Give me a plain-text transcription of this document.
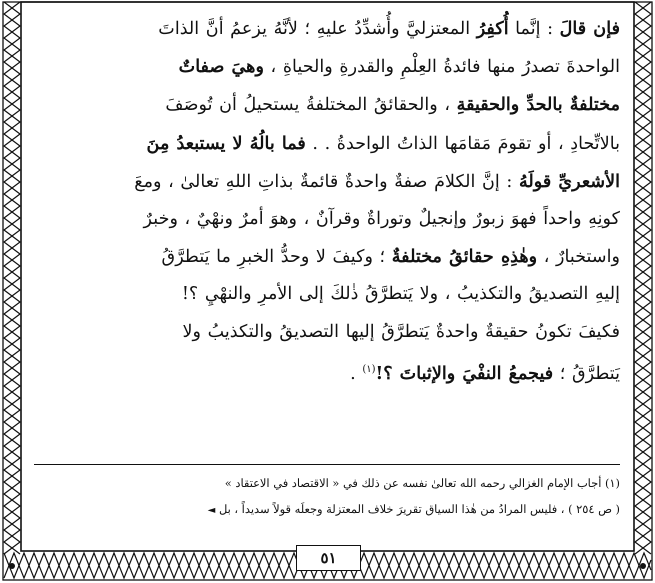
فإن قالَ : إنَّما أُكفِرُ المعتزليَّ وأُشدِّدُ عليهِ ؛ لأنَّهُ يزعمُ أنَّ الذاتَ

الواحدةَ تصدرُ منها فائدةُ العِلْمِ والقدرةِ والحياةِ ، وهيَ صفاتٌ

مختلفةٌ بالحدِّ والحقيقةِ ، والحقائقُ المختلفةُ يستحيلُ أن تُوصَفَ

بالاتِّحادِ ، أو تقومَ مَقامَها الذاتُ الواحدةُ . . فما بالُهُ لا يستبعدُ مِنَ

الأشعريِّ قولَهُ : إنَّ الكلامَ صفةٌ واحدةٌ قائمةٌ بذاتِ اللهِ تعالىٰ ، ومعَ

كونِهِ واحداً فهوَ زبورٌ وإنجيلٌ وتوراةٌ وقرآنٌ ، وهوَ أمرٌ ونهْيٌ ، وخبرٌ

واستخبارٌ ، وهٰذِهِ حقائقُ مختلفةٌ ؛ وكيفَ لا وحدُّ الخبرِ ما يَتطرَّقُ

إليهِ التصديقُ والتكذيبُ ، ولا يَتطرَّقُ ذٰلكَ إلى الأمرِ والنهْيِ ؟!

فكيفَ تكونُ حقيقةٌ واحدةٌ يَتطرَّقُ إليها التصديقُ والتكذيبُ ولا

يَتطرَّقُ ؛ فيجمعُ النفْيَ والإثباتَ ؟!$^{(١)}$ .

(١) أجاب الإمام الغزالي رحمه الله تعالىٰ نفسه عن ذلك في « الاقتصاد في الاعتقاد »

( ص ٢٥٤ ) ، فليس المرادُ من هٰذا السياق تقريرَ خلاف المعتزلة وجعلَه قولاً سديداً ، بل ◄

٥١
